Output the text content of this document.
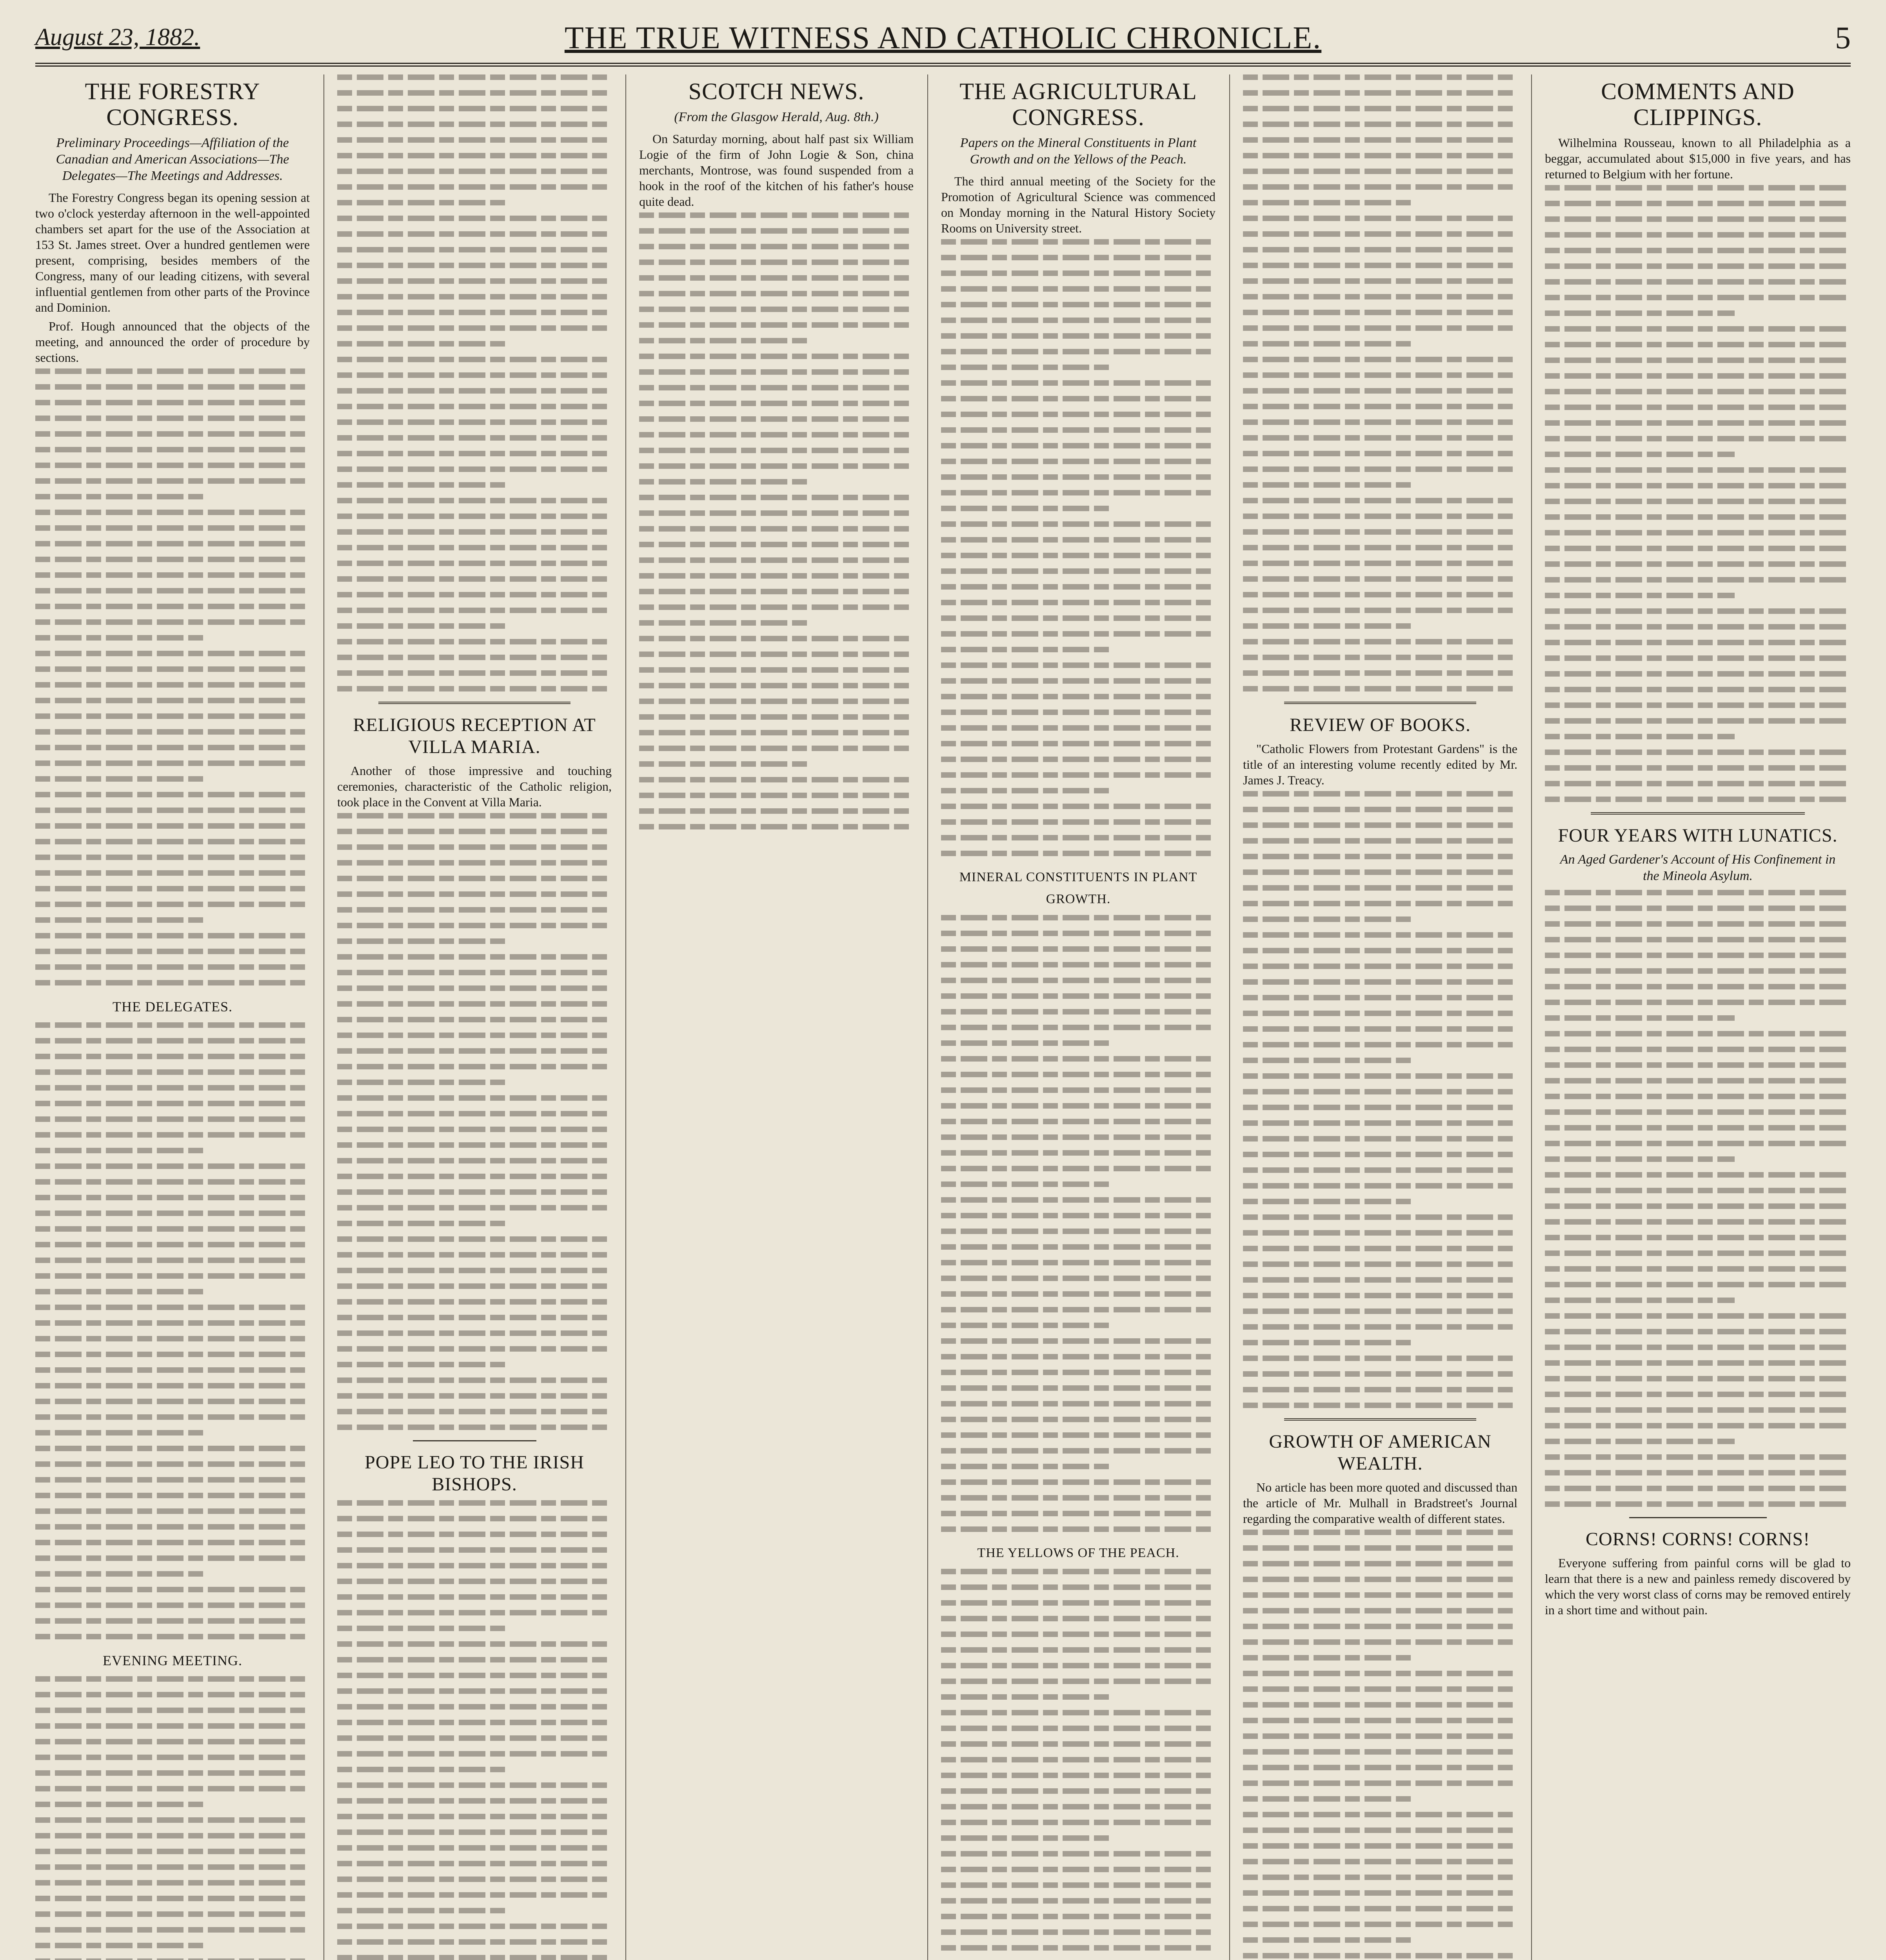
August 23, 1882.	THE TRUE WITNESS AND CATHOLIC CHRONICLE.	5
THE FORESTRY CONGRESS.
Preliminary Proceedings—Affiliation of the Canadian and American Associations—The Delegates—The Meetings and Addresses.

The Forestry Congress began its opening session at two o'clock yesterday afternoon in the well-appointed chambers set apart for the use of the Association at 153 St. James street. Over a hundred gentlemen were present, comprising, besides members of the Congress, many of our leading citizens, with several influential gentlemen from other parts of the Province and Dominion.

Prof. Hough announced that the objects of the meeting, and announced the order of procedure by sections.

THE DELEGATES.
EVENING MEETING.
RELIGIOUS RECEPTION AT VILLA MARIA.

Another of those impressive and touching ceremonies, characteristic of the Catholic religion, took place in the Convent at Villa Maria.

POPE LEO TO THE IRISH BISHOPS.

SCOTCH NEWS.
(From the Glasgow Herald, Aug. 8th.)

On Saturday morning, about half past six William Logie of the firm of John Logie & Son, china merchants, Montrose, was found suspended from a hook in the roof of the kitchen of his father's house quite dead.

THE AGRICULTURAL CONGRESS.
Papers on the Mineral Constituents in Plant Growth and on the Yellows of the Peach.

The third annual meeting of the Society for the Promotion of Agricultural Science was commenced on Monday morning in the Natural History Society Rooms on University street.

MINERAL CONSTITUENTS IN PLANT GROWTH.
THE YELLOWS OF THE PEACH.
REVIEW OF BOOKS.

"Catholic Flowers from Protestant Gardens" is the title of an interesting volume recently edited by Mr. James J. Treacy.

GROWTH OF AMERICAN WEALTH.

No article has been more quoted and discussed than the article of Mr. Mulhall in Bradstreet's Journal regarding the comparative wealth of different states.

COMMENTS AND CLIPPINGS.

Wilhelmina Rousseau, known to all Philadelphia as a beggar, accumulated about $15,000 in five years, and has returned to Belgium with her fortune.

FOUR YEARS WITH LUNATICS.
An Aged Gardener's Account of His Confinement in the Mineola Asylum.
CORNS! CORNS! CORNS!

Everyone suffering from painful corns will be glad to learn that there is a new and painless remedy discovered by which the very worst class of corns may be removed entirely in a short time and without pain.
